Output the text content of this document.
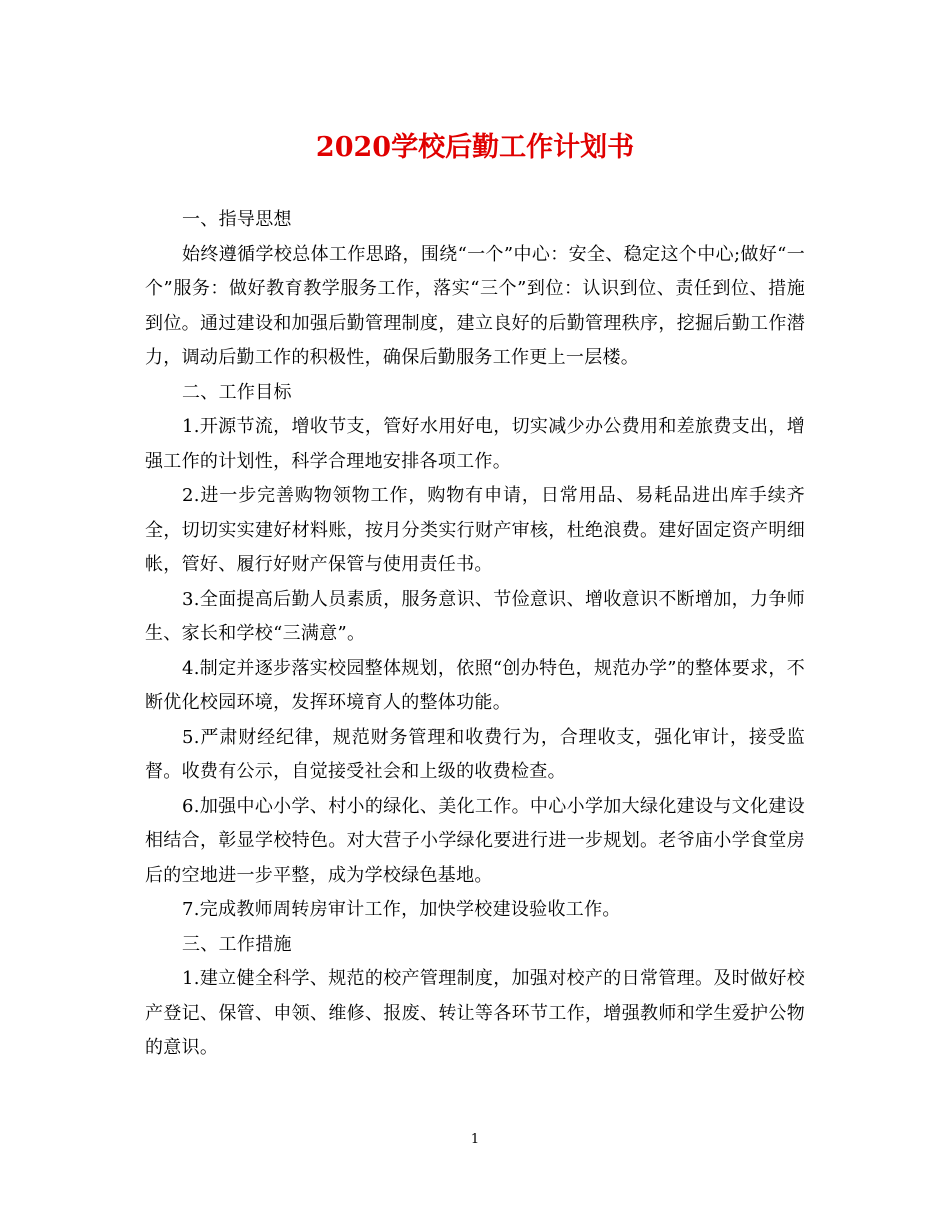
2020学校后勤工作计划书

一、指导思想

始终遵循学校总体工作思路，围绕“一个”中心：安全、稳定这个中心;做好“一个”服务：做好教育教学服务工作，落实“三个”到位：认识到位、责任到位、措施到位。通过建设和加强后勤管理制度，建立良好的后勤管理秩序，挖掘后勤工作潜力，调动后勤工作的积极性，确保后勤服务工作更上一层楼。

二、工作目标

1.开源节流，增收节支，管好水用好电，切实减少办公费用和差旅费支出，增强工作的计划性，科学合理地安排各项工作。

2.进一步完善购物领物工作，购物有申请，日常用品、易耗品进出库手续齐全，切切实实建好材料账，按月分类实行财产审核，杜绝浪费。建好固定资产明细帐，管好、履行好财产保管与使用责任书。

3.全面提高后勤人员素质，服务意识、节俭意识、增收意识不断增加，力争师生、家长和学校“三满意”。

4.制定并逐步落实校园整体规划，依照“创办特色，规范办学”的整体要求，不断优化校园环境，发挥环境育人的整体功能。

5.严肃财经纪律，规范财务管理和收费行为，合理收支，强化审计，接受监督。收费有公示，自觉接受社会和上级的收费检查。

6.加强中心小学、村小的绿化、美化工作。中心小学加大绿化建设与文化建设相结合，彰显学校特色。对大营子小学绿化要进行进一步规划。老爷庙小学食堂房后的空地进一步平整，成为学校绿色基地。

7.完成教师周转房审计工作，加快学校建设验收工作。

三、工作措施

1.建立健全科学、规范的校产管理制度，加强对校产的日常管理。及时做好校产登记、保管、申领、维修、报废、转让等各环节工作，增强教师和学生爱护公物的意识。

1
